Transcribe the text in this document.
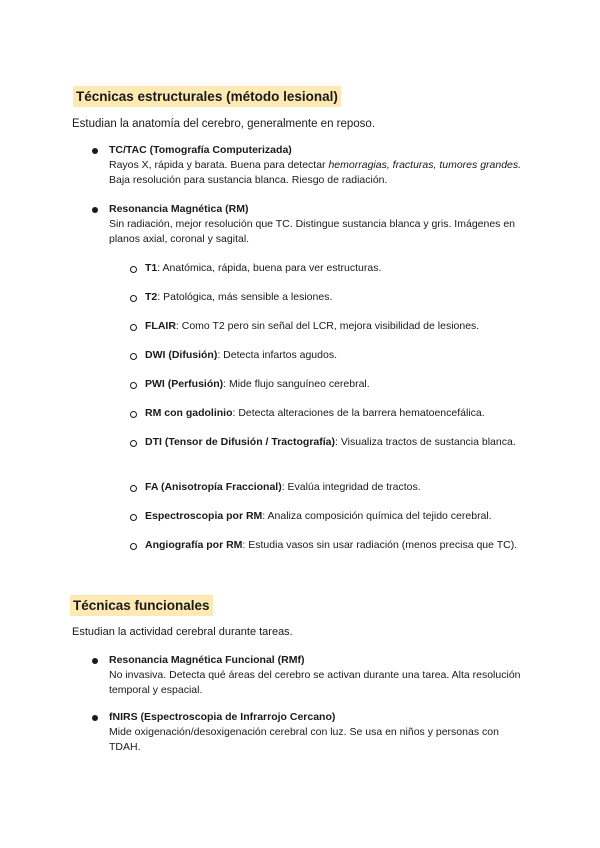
Técnicas estructurales (método lesional)
Estudian la anatomía del cerebro, generalmente en reposo.
TC/TAC (Tomografía Computerizada)
Rayos X, rápida y barata. Buena para detectar hemorragias, fracturas, tumores grandes. Baja resolución para sustancia blanca. Riesgo de radiación.
Resonancia Magnética (RM)
Sin radiación, mejor resolución que TC. Distingue sustancia blanca y gris. Imágenes en planos axial, coronal y sagital.
T1: Anatómica, rápida, buena para ver estructuras.
T2: Patológica, más sensible a lesiones.
FLAIR: Como T2 pero sin señal del LCR, mejora visibilidad de lesiones.
DWI (Difusión): Detecta infartos agudos.
PWI (Perfusión): Mide flujo sanguíneo cerebral.
RM con gadolinio: Detecta alteraciones de la barrera hematoencefálica.
DTI (Tensor de Difusión / Tractografía): Visualiza tractos de sustancia blanca.
FA (Anisotropía Fraccional): Evalúa integridad de tractos.
Espectroscopia por RM: Analiza composición química del tejido cerebral.
Angiografía por RM: Estudia vasos sin usar radiación (menos precisa que TC).
Técnicas funcionales
Estudian la actividad cerebral durante tareas.
Resonancia Magnética Funcional (RMf)
No invasiva. Detecta qué áreas del cerebro se activan durante una tarea. Alta resolución temporal y espacial.
fNIRS (Espectroscopia de Infrarrojo Cercano)
Mide oxigenación/desoxigenación cerebral con luz. Se usa en niños y personas con TDAH.
